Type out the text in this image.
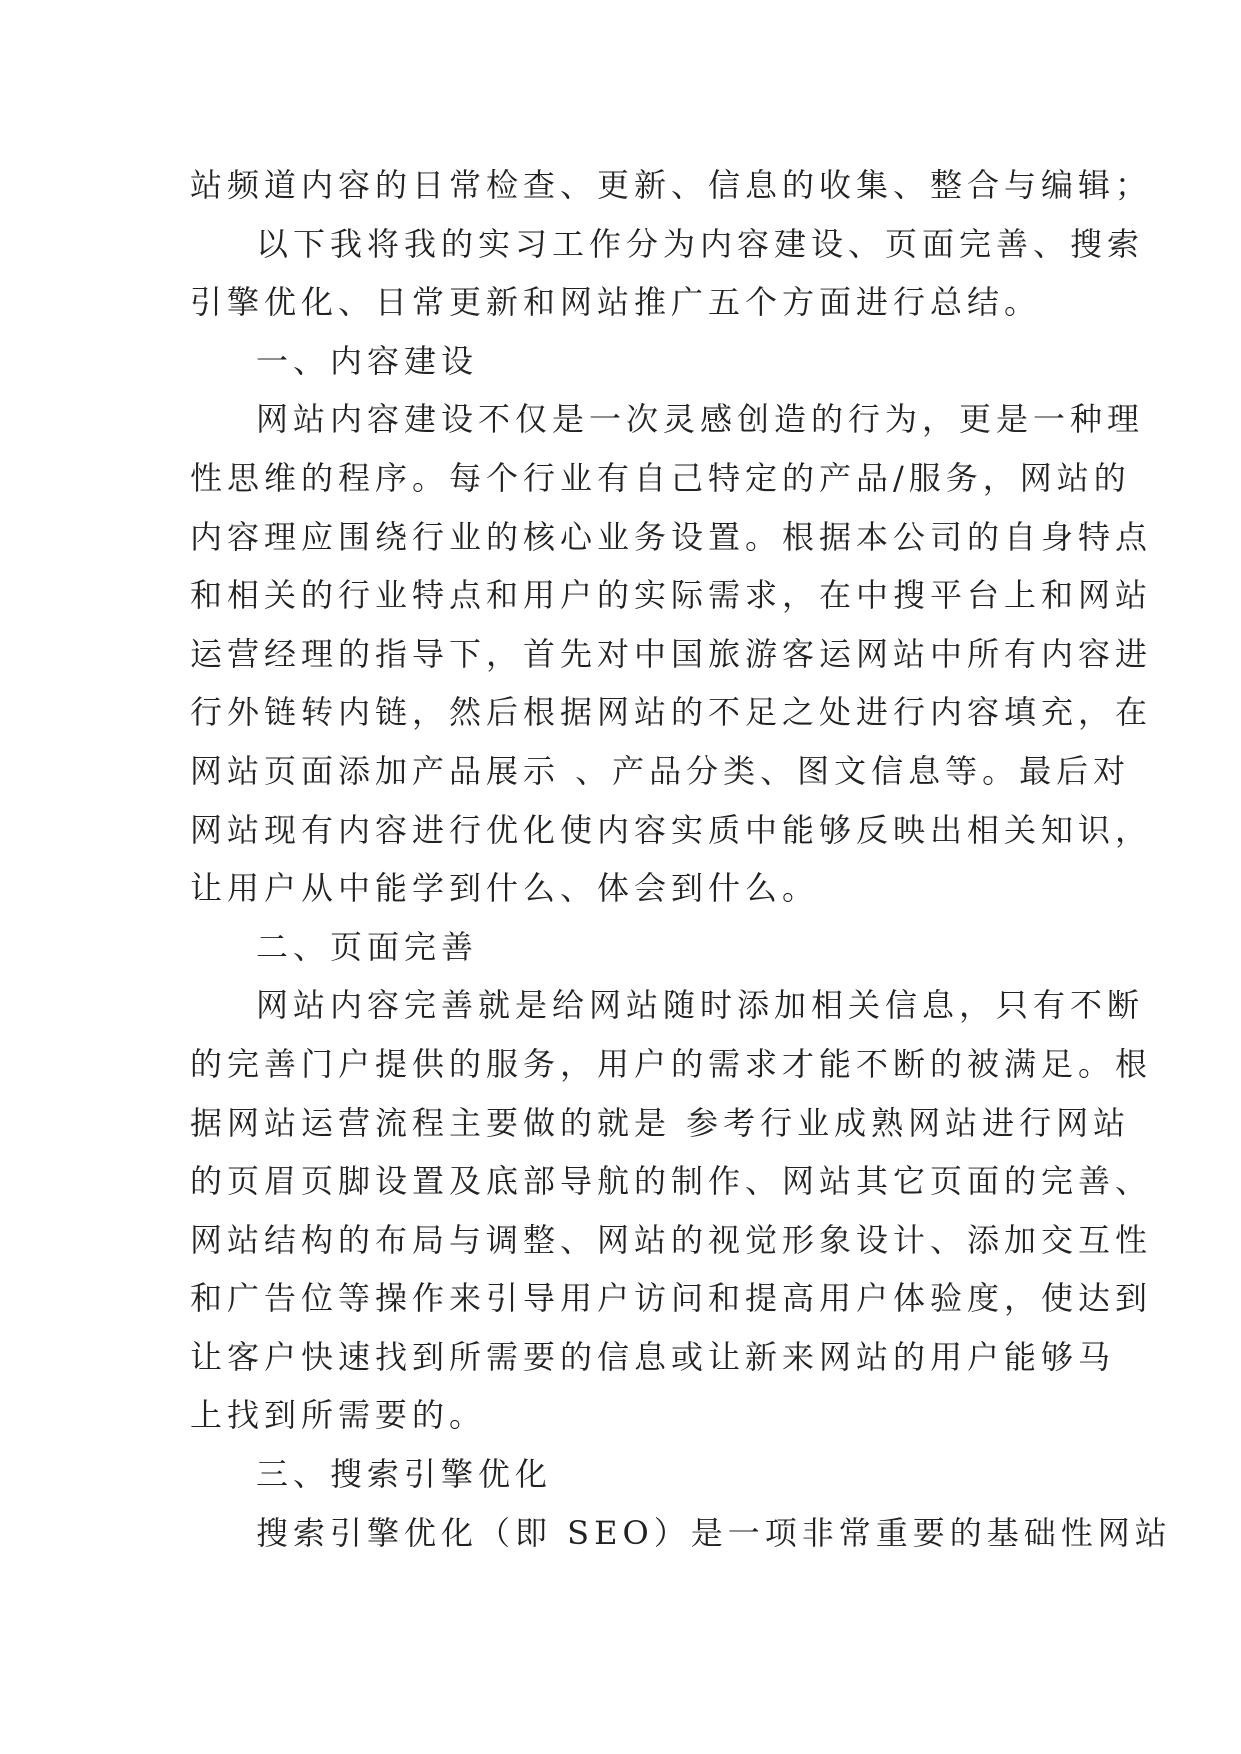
站频道内容的日常检查、更新、信息的收集、整合与编辑；
以下我将我的实习工作分为内容建设、页面完善、搜索
引擎优化、日常更新和网站推广五个方面进行总结。
一、内容建设
网站内容建设不仅是一次灵感创造的行为，更是一种理
性思维的程序。每个行业有自己特定的产品/服务，网站的
内容理应围绕行业的核心业务设置。根据本公司的自身特点
和相关的行业特点和用户的实际需求，在中搜平台上和网站
运营经理的指导下，首先对中国旅游客运网站中所有内容进
行外链转内链，然后根据网站的不足之处进行内容填充，在
网站页面添加产品展示 、产品分类、图文信息等。最后对
网站现有内容进行优化使内容实质中能够反映出相关知识，
让用户从中能学到什么、体会到什么。
二、页面完善
网站内容完善就是给网站随时添加相关信息，只有不断
的完善门户提供的服务，用户的需求才能不断的被满足。根
据网站运营流程主要做的就是 参考行业成熟网站进行网站
的页眉页脚设置及底部导航的制作、网站其它页面的完善、
网站结构的布局与调整、网站的视觉形象设计、添加交互性
和广告位等操作来引导用户访问和提高用户体验度，使达到
让客户快速找到所需要的信息或让新来网站的用户能够马
上找到所需要的。
三、搜索引擎优化
搜索引擎优化（即 SEO）是一项非常重要的基础性网站
